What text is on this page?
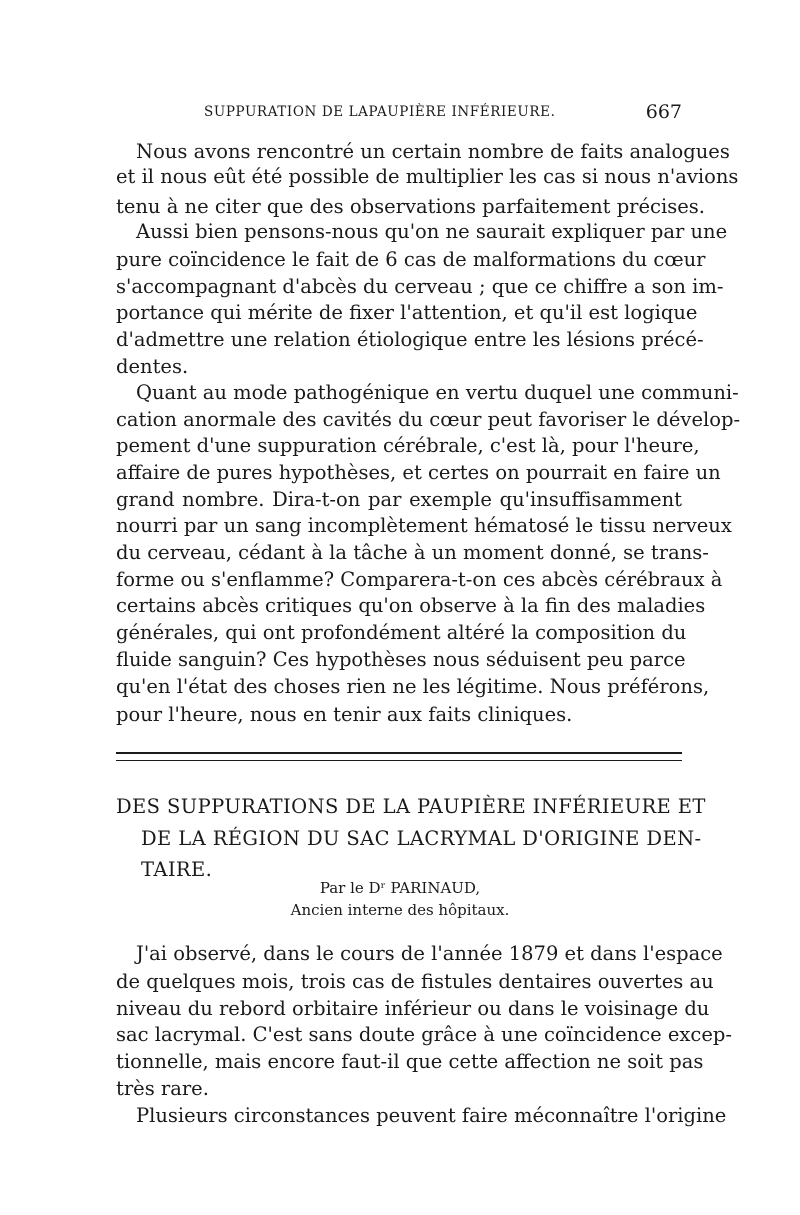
SUPPURATION DE LAPAUPIÈRE INFÉRIEURE.	667
Nous avons rencontré un certain nombre de faits analogues
et il nous eût été possible de multiplier les cas si nous n'avions
tenu à ne citer que des observations parfaitement précises.
Aussi bien pensons-nous qu'on ne saurait expliquer par une
pure coïncidence le fait de 6 cas de malformations du cœur
s'accompagnant d'abcès du cerveau ; que ce chiffre a son im-
portance qui mérite de fixer l'attention, et qu'il est logique
d'admettre une relation étiologique entre les lésions précé-
dentes.
Quant au mode pathogénique en vertu duquel une communi-
cation anormale des cavités du cœur peut favoriser le dévelop-
pement d'une suppuration cérébrale, c'est là, pour l'heure,
affaire de pures hypothèses, et certes on pourrait en faire un
grand nombre. Dira-t-on par exemple qu'insuffisamment
nourri par un sang incomplètement hématosé le tissu nerveux
du cerveau, cédant à la tâche à un moment donné, se trans-
forme ou s'enflamme? Comparera-t-on ces abcès cérébraux à
certains abcès critiques qu'on observe à la fin des maladies
générales, qui ont profondément altéré la composition du
fluide sanguin? Ces hypothèses nous séduisent peu parce
qu'en l'état des choses rien ne les légitime. Nous préférons,
pour l'heure, nous en tenir aux faits cliniques.
DES SUPPURATIONS DE LA PAUPIÈRE INFÉRIEURE ET
DE LA RÉGION DU SAC LACRYMAL D'ORIGINE DEN-
TAIRE.
Par le Dʳ PARINAUD,
Ancien interne des hôpitaux.
J'ai observé, dans le cours de l'année 1879 et dans l'espace
de quelques mois, trois cas de fistules dentaires ouvertes au
niveau du rebord orbitaire inférieur ou dans le voisinage du
sac lacrymal. C'est sans doute grâce à une coïncidence excep-
tionnelle, mais encore faut-il que cette affection ne soit pas
très rare.
Plusieurs circonstances peuvent faire méconnaître l'origine
